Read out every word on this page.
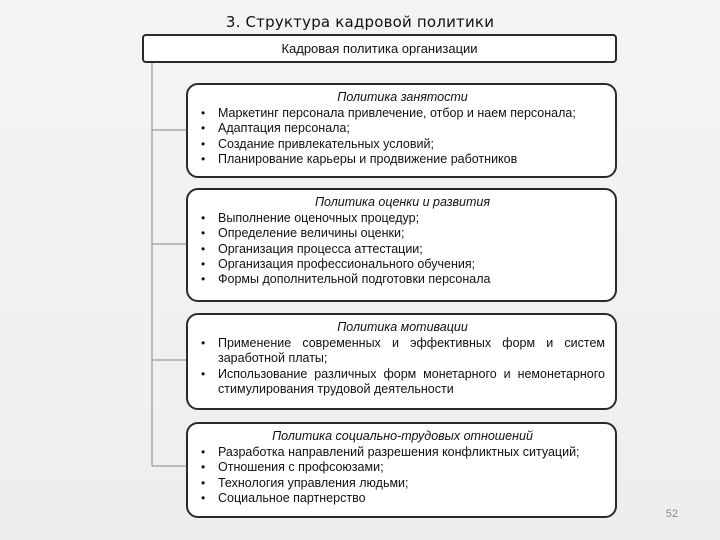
3. Структура кадровой политики
Кадровая политика организации
Политика занятости
• Маркетинг персонала привлечение, отбор и наем персонала;
• Адаптация персонала;
• Создание привлекательных условий;
• Планирование карьеры и продвижение работников
Политика оценки и развития
• Выполнение оценочных процедур;
• Определение величины оценки;
• Организация процесса аттестации;
• Организация профессионального обучения;
• Формы дополнительной подготовки персонала
Политика мотивации
• Применение современных и эффективных форм и систем заработной платы;
• Использование различных форм монетарного и немонетарного стимулирования трудовой деятельности
Политика социально-трудовых отношений
• Разработка направлений разрешения конфликтных ситуаций;
• Отношения с профсоюзами;
• Технология управления людьми;
• Социальное партнерство
52
